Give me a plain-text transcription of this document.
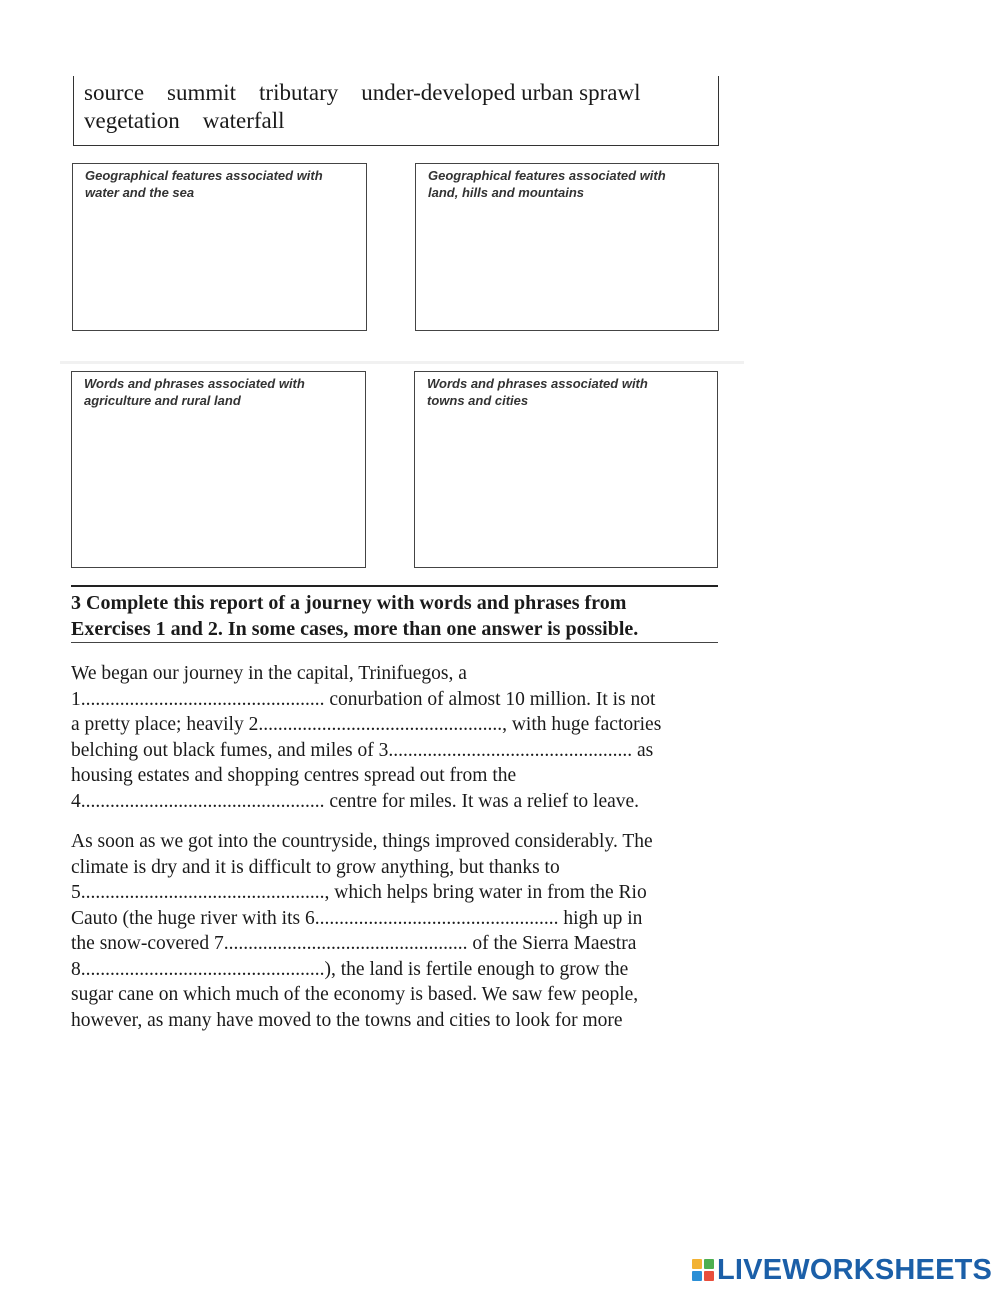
source    summit    tributary    under-developed urban sprawl
vegetation    waterfall
Geographical features associated with water and the sea
Geographical features associated with land, hills and mountains
Words and phrases associated with agriculture and rural land
Words and phrases associated with towns and cities
3 Complete this report of a journey with words and phrases from
Exercises 1 and 2. In some cases, more than one answer is possible.
We began our journey in the capital, Trinifuegos, a
1.................................................. conurbation of almost 10 million. It is not
a pretty place; heavily 2.................................................., with huge factories
belching out black fumes, and miles of 3.................................................. as
housing estates and shopping centres spread out from the
4.................................................. centre for miles. It was a relief to leave.
As soon as we got into the countryside, things improved considerably. The
climate is dry and it is difficult to grow anything, but thanks to
5.................................................., which helps bring water in from the Rio
Cauto (the huge river with its 6.................................................. high up in
the snow-covered 7.................................................. of the Sierra Maestra
8..................................................), the land is fertile enough to grow the
sugar cane on which much of the economy is based. We saw few people,
however, as many have moved to the towns and cities to look for more
LIVEWORKSHEETS
